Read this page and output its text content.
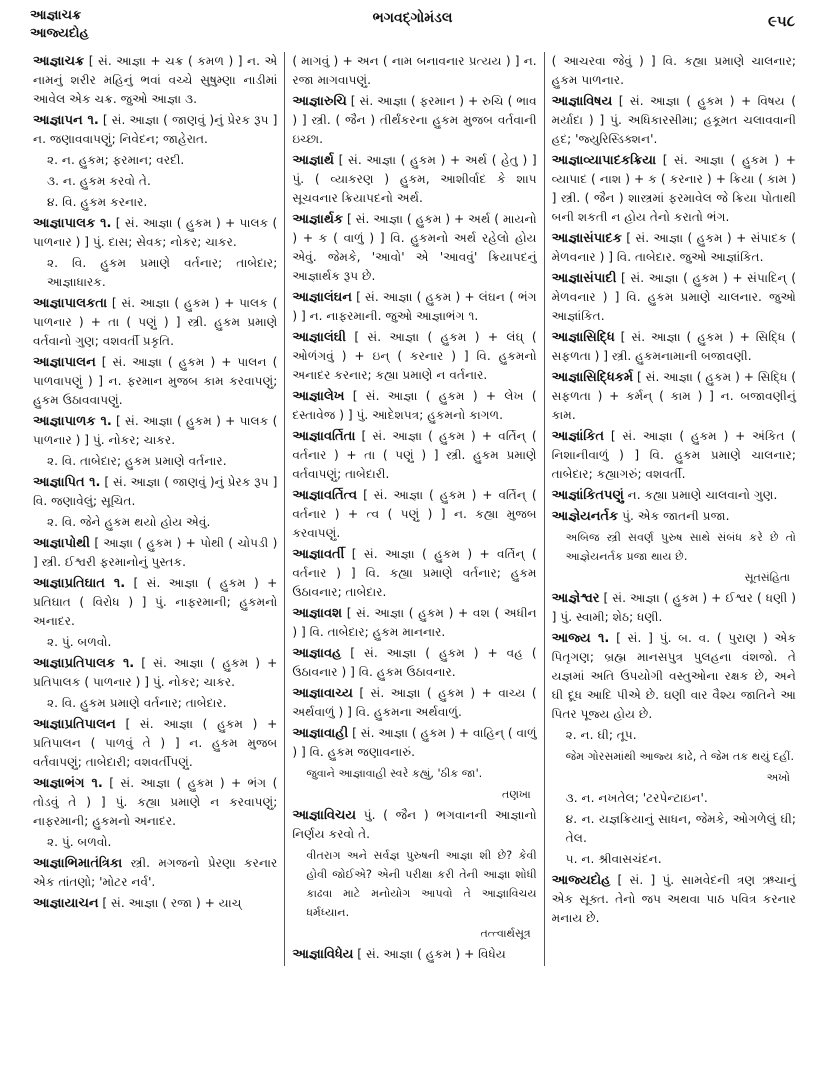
આજ્ઞાચક્ર
આજ્યદોહ
ભગવદ્ગોમંડલ	૯૫૮
આજ્ઞાચક્ર [ સં. આજ્ઞા + ચક્ર ( કમળ ) ] ન. એ નામનું શરીર મહિનું ભવાં વચ્ચે સુષુમ્ણા નાડીમાં આવેલ એક ચક્ર. જુઓ આજ્ઞા ૩.
આજ્ઞાપન ૧. [ સં. આજ્ઞા ( જાણવું )નું પ્રેરક રૂપ ] ન. જણાવવાપણું; નિવેદન; જાહેરાત.
૨. ન. હુકમ; ફરમાન; વરદી.
૩. ન. હુકમ કરવો તે.
૪. વિ. હુકમ કરનાર.
આજ્ઞાપાલક ૧. [ સં. આજ્ઞા ( હુકમ ) + પાલક ( પાળનાર ) ] પું. દાસ; સેવક; નોકર; ચાકર.
૨. વિ. હુકમ પ્રમાણે વર્તનાર; તાબેદાર; આજ્ઞાધારક.
આજ્ઞાપાલકતા [ સં. આજ્ઞા ( હુકમ ) + પાલક ( પાળનાર ) + તા ( પણું ) ] સ્ત્રી. હુકમ પ્રમાણે વર્તવાનો ગુણ; વશવર્તી પ્રકૃતિ.
આજ્ઞાપાલન [ સં. આજ્ઞા ( હુકમ ) + પાલન ( પાળવાપણું ) ] ન. ફરમાન મુજબ કામ કરવાપણું; હુકમ ઉઠાવવાપણું.
આજ્ઞાપાળક ૧. [ સં. આજ્ઞા ( હુકમ ) + પાલક ( પાળનાર ) ] પું. નોકર; ચાકર.
૨. વિ. તાબેદાર; હુકમ પ્રમાણે વર્તનાર.
આજ્ઞાપિત ૧. [ સં. આજ્ઞા ( જાણવું )નું પ્રેરક રૂપ ] વિ. જણાવેલું; સૂચિત.
૨. વિ. જેને હુકમ થયો હોય એવું.
આજ્ઞાપોથી [ આજ્ઞા ( હુકમ ) + પોથી ( ચોપડી ) ] સ્ત્રી. ઈશ્વરી ફરમાનોનું પુસ્તક.
આજ્ઞાપ્રતિઘાત ૧. [ સં. આજ્ઞા ( હુકમ ) + પ્રતિઘાત ( વિરોધ ) ] પું. નાફરમાની; હુકમનો અનાદર.
૨. પું. બળવો.
આજ્ઞાપ્રતિપાલક ૧. [ સં. આજ્ઞા ( હુકમ ) + પ્રતિપાલક ( પાળનાર ) ] પું. નોકર; ચાકર.
૨. વિ. હુકમ પ્રમાણે વર્તનાર; તાબેદાર.
આજ્ઞાપ્રતિપાલન [ સં. આજ્ઞા ( હુકમ ) + પ્રતિપાલન ( પાળવું તે ) ] ન. હુકમ મુજબ વર્તવાપણું; તાબેદારી; વશવર્તીપણું.
આજ્ઞાભંગ ૧. [ સં. આજ્ઞા ( હુકમ ) + ભંગ ( તોડવું તે ) ] પું. કહ્યા પ્રમાણે ન કરવાપણું; નાફરમાની; હુકમનો અનાદર.
૨. પું. બળવો.
આજ્ઞાભિમાતંત્રિકા સ્ત્રી. મગજનો પ્રેરણા કરનાર એક તાંતણો; 'મોટર નર્વ'.
આજ્ઞાયાચન [ સં. આજ્ઞા ( રજા ) + યાચ્
( માગવું ) + અન ( નામ બનાવનાર પ્રત્યય ) ] ન. રજા માગવાપણું.
આજ્ઞારુચિ [ સં. આજ્ઞા ( ફરમાન ) + રુચિ ( ભાવ ) ] સ્ત્રી. ( જૈન ) તીર્થંકરના હુકમ મુજબ વર્તવાની ઇચ્છા.
આજ્ઞાર્થ [ સં. આજ્ઞા ( હુકમ ) + અર્થ ( હેતુ ) ] પું. ( વ્યાકરણ ) હુકમ, આશીર્વાદ કે શાપ સૂચવનાર ક્રિયાપદનો અર્થ.
આજ્ઞાર્થક [ સં. આજ્ઞા ( હુકમ ) + અર્થ ( માયનો ) + ક ( વાળું ) ] વિ. હુકમનો અર્થ રહેલો હોય એવું. જેમકે, 'આવો' એ 'આવવું' ક્રિયાપદનું આજ્ઞાર્થક રૂપ છે.
આજ્ઞાલંઘન [ સં. આજ્ઞા ( હુકમ ) + લંઘન ( ભંગ ) ] ન. નાફરમાની. જુઓ આજ્ઞાભંગ ૧.
આજ્ઞાલંઘી [ સં. આજ્ઞા ( હુકમ ) + લંઘ્ ( ઓળંગવું ) + ઇન્ ( કરનાર ) ] વિ. હુકમનો અનાદર કરનાર; કહ્યા પ્રમાણે ન વર્તનાર.
આજ્ઞાલેખ [ સં. આજ્ઞા ( હુકમ ) + લેખ ( દસ્તાવેજ ) ] પું. આદેશપત્ર; હુકમનો કાગળ.
આજ્ઞાવર્તિતા [ સં. આજ્ઞા ( હુકમ ) + વર્તિન્ ( વર્તનાર ) + તા ( પણું ) ] સ્ત્રી. હુકમ પ્રમાણે વર્તવાપણું; તાબેદારી.
આજ્ઞાવર્તિત્વ [ સં. આજ્ઞા ( હુકમ ) + વર્તિન્ ( વર્તનાર ) + ત્વ ( પણું ) ] ન. કહ્યા મુજબ કરવાપણું.
આજ્ઞાવર્તી [ સં. આજ્ઞા ( હુકમ ) + વર્તિન્ ( વર્તનાર ) ] વિ. કહ્યા પ્રમાણે વર્તનાર; હુકમ ઉઠાવનાર; તાબેદાર.
આજ્ઞાવશ [ સં. આજ્ઞા ( હુકમ ) + વશ ( અધીન ) ] વિ. તાબેદાર; હુકમ માનનાર.
આજ્ઞાવહ [ સં. આજ્ઞા ( હુકમ ) + વહ ( ઉઠાવનાર ) ] વિ. હુકમ ઉઠાવનાર.
આજ્ઞાવાચ્ય [ સં. આજ્ઞા ( હુકમ ) + વાચ્ય ( અર્થવાળું ) ] વિ. હુકમના અર્થવાળું.
આજ્ઞાવાહી [ સં. આજ્ઞા ( હુકમ ) + વાહિન્ ( વાળું ) ] વિ. હુકમ જણાવનારું.
જુવાને આજ્ઞાવાહી સ્વરે કહ્યું, 'ઠીક જા'.
તણખા
આજ્ઞાવિચય પું. ( જૈન ) ભગવાનની આજ્ઞાનો નિર્ણય કરવો તે.
વીતરાગ અને સર્વજ્ઞ પુરુષની આજ્ઞા શી છે? કેવી હોવી જોઈએ? એની પરીક્ષા કરી તેની આજ્ઞા શોધી કાઢવા માટે મનોયોગ આપવો તે આજ્ઞાવિચય ધર્મધ્યાન.
તત્ત્વાર્થસૂત્ર
આજ્ઞાવિધેય [ સં. આજ્ઞા ( હુકમ ) + વિધેય
( આચરવા જેવું ) ] વિ. કહ્યા પ્રમાણે ચાલનાર; હુકમ પાળનાર.
આજ્ઞાવિષય [ સં. આજ્ઞા ( હુકમ ) + વિષય ( મર્યાદા ) ] પું. અધિકારસીમા; હકૂમત ચલાવવાની હદ; 'જ્યુરિસ્ડિક્શન'.
આજ્ઞાવ્યાપાદકક્રિયા [ સં. આજ્ઞા ( હુકમ ) + વ્યાપાદ ( નાશ ) + ક ( કરનાર ) + ક્રિયા ( કામ ) ] સ્ત્રી. ( જૈન ) શાસ્ત્રમાં ફરમાવેલ જે ક્રિયા પોતાથી બની શકતી ન હોય તેનો કરાતો ભંગ.
આજ્ઞાસંપાદક [ સં. આજ્ઞા ( હુકમ ) + સંપાદક ( મેળવનાર ) ] વિ. તાબેદાર. જુઓ આજ્ઞાંકિત.
આજ્ઞાસંપાદી [ સં. આજ્ઞા ( હુકમ ) + સંપાદિન્ ( મેળવનાર ) ] વિ. હુકમ પ્રમાણે ચાલનાર. જુઓ આજ્ઞાંકિત.
આજ્ઞાસિદ્ધિ [ સં. આજ્ઞા ( હુકમ ) + સિદ્ધિ ( સફળતા ) ] સ્ત્રી. હુકમનામાની બજાવણી.
આજ્ઞાસિદ્ધિકર્મ [ સં. આજ્ઞા ( હુકમ ) + સિદ્ધિ ( સફળતા ) + કર્મન્ ( કામ ) ] ન. બજાવણીનું કામ.
આજ્ઞાંકિત [ સં. આજ્ઞા ( હુકમ ) + અંકિત ( નિશાનીવાળું ) ] વિ. હુકમ પ્રમાણે ચાલનાર; તાબેદાર; કહ્યાગરું; વશવર્તી.
આજ્ઞાંકિતપણું ન. કહ્યા પ્રમાણે ચાલવાનો ગુણ.
આજ્ઞેયનર્તક પું. એક જાતની પ્રજા.
અબિજ સ્ત્રી સવર્ણ પુરુષ સાથે સંબંધ કરે છે તો આજ્ઞેયનર્તક પ્રજા થાય છે.
સૂતસંહિતા
આજ્ઞેશ્વર [ સં. આજ્ઞા ( હુકમ ) + ઈશ્વર ( ધણી ) ] પું. સ્વામી; શેઠ; ધણી.
આજ્ય ૧. [ સં. ] પું. બ. વ. ( પુરાણ ) એક પિતૃગણ; બ્રહ્મ માનસપુત્ર પુલહના વંશજો. તે યજ્ઞમાં અતિ ઉપયોગી વસ્તુઓના રક્ષક છે, અને ઘી દૂધ આદિ પીએ છે. ઘણી વાર વૈશ્ય જાતિને આ પિતર પૂજ્ય હોય છે.
૨. ન. ઘી; તૂપ.
જેમ ગોરસમાંથી આજ્ય કાઢે, તે જેમ તક થયું દહીં.
અખો
૩. ન. નખતેલ; 'ટરપેન્ટાઇન'.
૪. ન. યજ્ઞક્રિયાનું સાધન, જેમકે, ઓગળેલું ઘી; તેલ.
૫. ન. શ્રીવાસચંદન.
આજ્યદોહ [ સં. ] પું. સામવેદની ત્રણ ઋચાનું એક સૂક્ત. તેનો જપ અથવા પાઠ પવિત્ર કરનાર મનાય છે.
